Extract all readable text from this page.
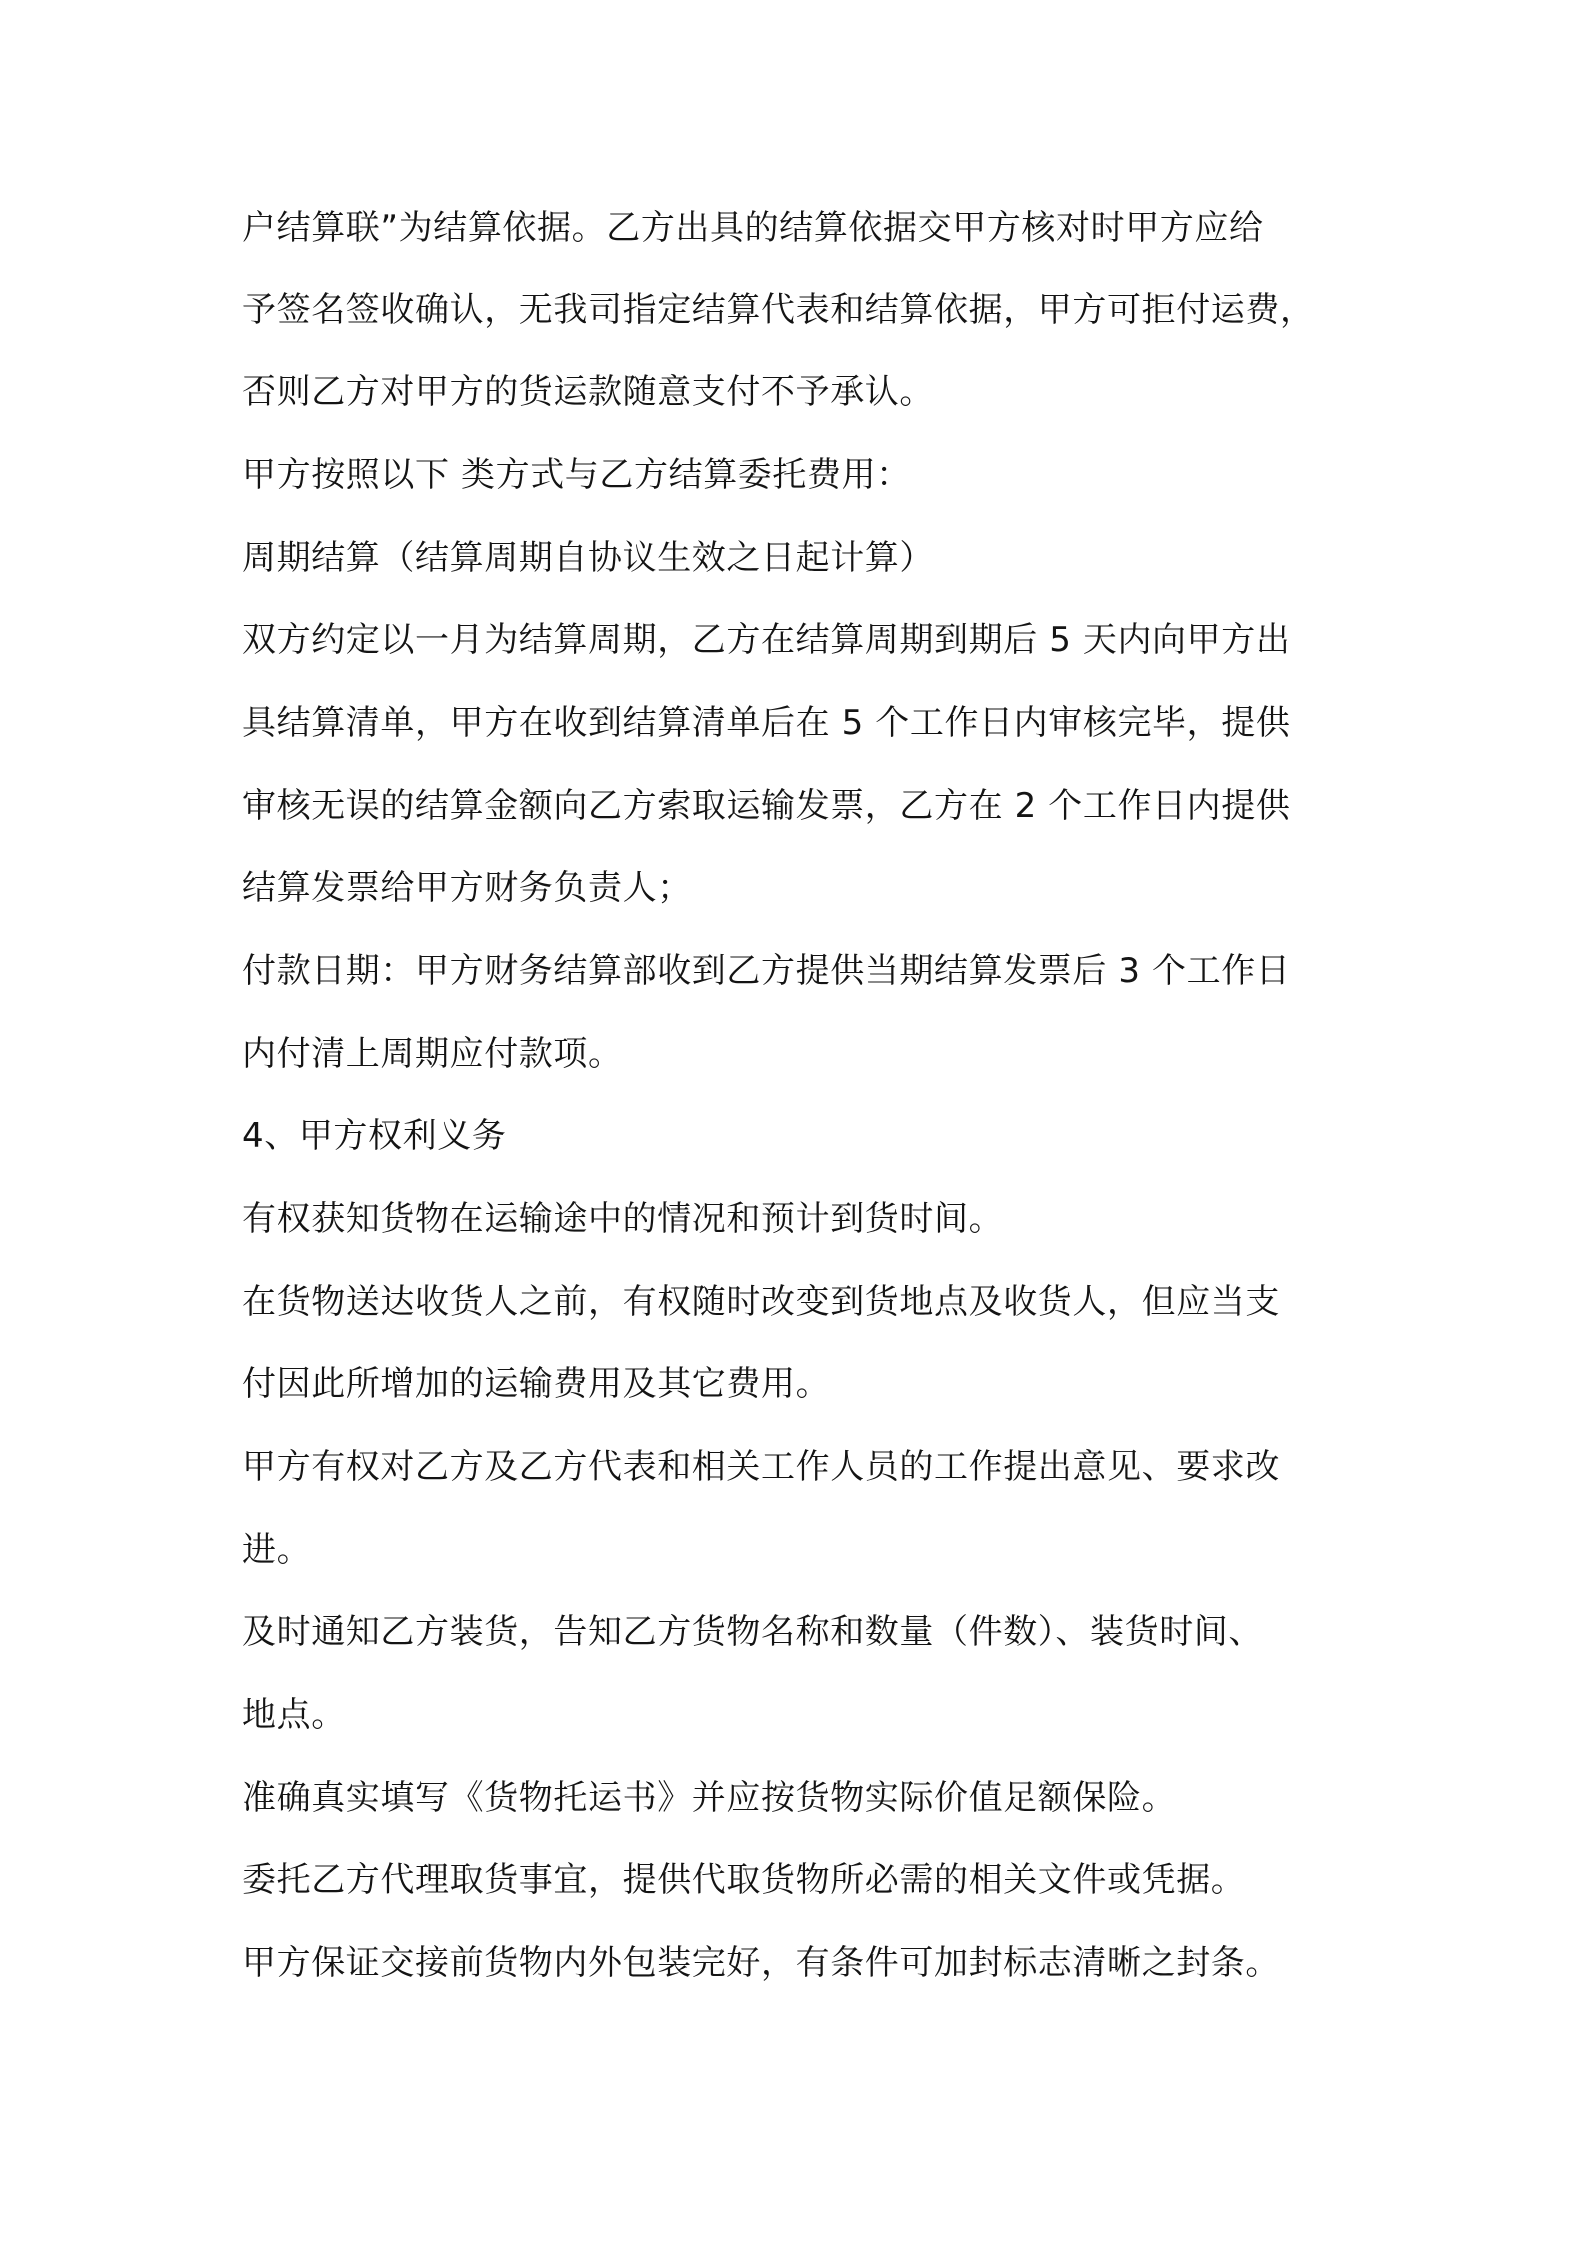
户结算联”为结算依据。乙方出具的结算依据交甲方核对时甲方应给
予签名签收确认，无我司指定结算代表和结算依据，甲方可拒付运费，
否则乙方对甲方的货运款随意支付不予承认。
甲方按照以下 类方式与乙方结算委托费用：
周期结算（结算周期自协议生效之日起计算）
双方约定以一月为结算周期，乙方在结算周期到期后 5 天内向甲方出
具结算清单，甲方在收到结算清单后在 5 个工作日内审核完毕，提供
审核无误的结算金额向乙方索取运输发票，乙方在 2 个工作日内提供
结算发票给甲方财务负责人；
付款日期：甲方财务结算部收到乙方提供当期结算发票后 3 个工作日
内付清上周期应付款项。
4、甲方权利义务
有权获知货物在运输途中的情况和预计到货时间。
在货物送达收货人之前，有权随时改变到货地点及收货人，但应当支
付因此所增加的运输费用及其它费用。
甲方有权对乙方及乙方代表和相关工作人员的工作提出意见、要求改
进。
及时通知乙方装货，告知乙方货物名称和数量（件数）、装货时间、
地点。
准确真实填写《货物托运书》并应按货物实际价值足额保险。
委托乙方代理取货事宜，提供代取货物所必需的相关文件或凭据。
甲方保证交接前货物内外包装完好，有条件可加封标志清晰之封条。
